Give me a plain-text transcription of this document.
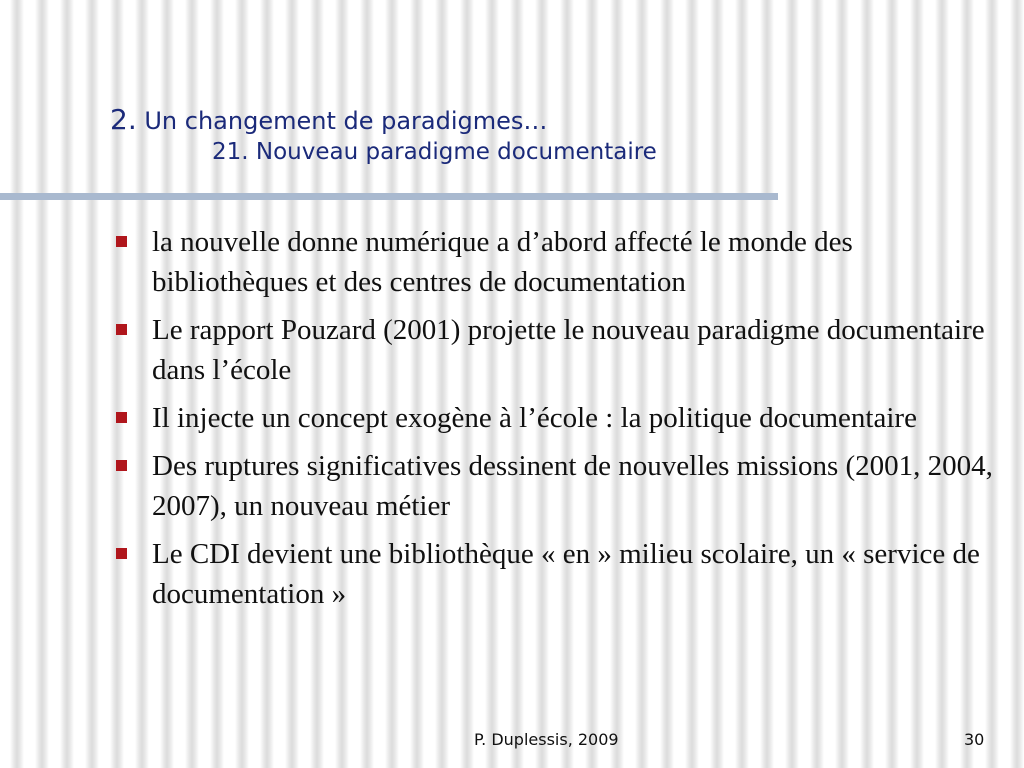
2. Un changement de paradigmes…
21. Nouveau paradigme documentaire
la nouvelle donne numérique a d’abord affecté le monde des bibliothèques et des centres de documentation
Le rapport Pouzard (2001) projette le nouveau paradigme documentaire dans l’école
Il injecte un concept exogène à l’école : la politique documentaire
Des ruptures significatives dessinent de nouvelles missions (2001, 2004, 2007), un nouveau métier
Le CDI devient une bibliothèque « en » milieu scolaire, un « service de documentation »
P. Duplessis, 2009	30
